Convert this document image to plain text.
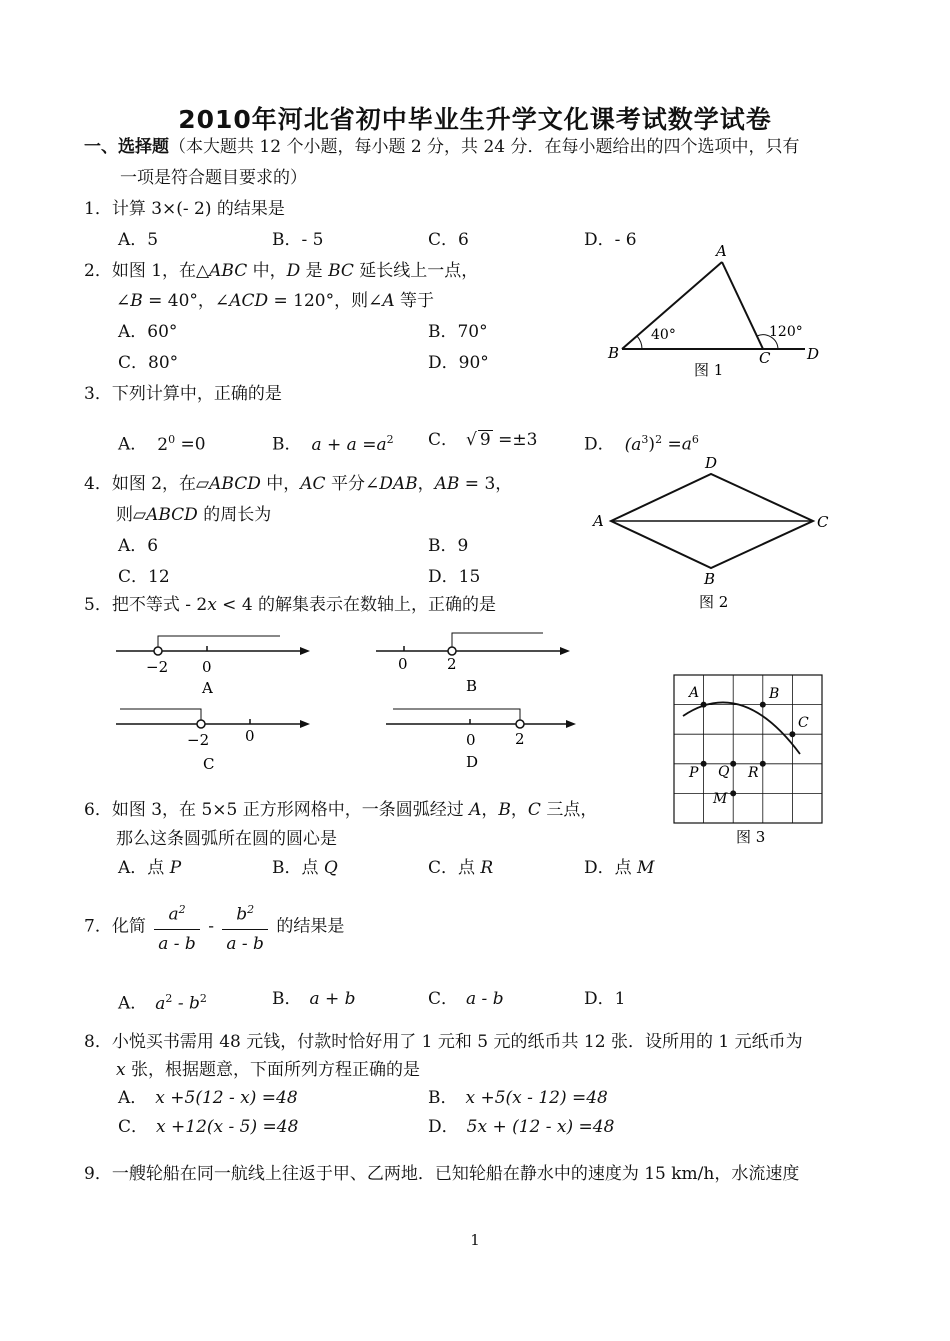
2010年河北省初中毕业生升学文化课考试数学试卷
一、选择题（本大题共 12 个小题，每小题 2 分，共 24 分．在每小题给出的四个选项中，只有
一项是符合题目要求的）
1．计算 3×(- 2) 的结果是
A．5	B．- 5	C．6	D．- 6
2．如图 1，在△ABC 中，D 是 BC 延长线上一点，
∠B = 40°，∠ACD = 120°，则∠A 等于
A．60°	B．70°
C．80°	D．90°
A
B	C D
40°	120°
图 1
3．下列计算中，正确的是
A． $2^0 =0$	B． $a + a =a^2$ C． √ 9 =±3	D． $(a^3)^2 =a^6$
4．如图 2，在▱ABCD 中，AC 平分∠DAB，AB = 3，
则▱ABCD 的周长为
A．6	B．9
C．12	D．15
D
A	C
B
图 2
5．把不等式 - 2x < 4 的解集表示在数轴上，正确的是
−2 0
A
0	2
B
−2 0
C
0	2
D
A	B
C
P Q R
M
图 3
6．如图 3，在 5×5 正方形网格中，一条圆弧经过 A，B，C 三点，
那么这条圆弧所在圆的圆心是
A．点 P	B．点 Q	C．点 R	D．点 M
7．化简 $\frac{a^2}{a - b} - \frac{b^2}{a - b}$ 的结果是
A． $a^2 - b^2$	B． a + b	C． a - b	D．1
8．小悦买书需用 48 元钱，付款时恰好用了 1 元和 5 元的纸币共 12 张．设所用的 1 元纸币为
x 张，根据题意，下面所列方程正确的是
A． x +5(12 - x) =48	B． x +5(x - 12) =48
C． x +12(x - 5) =48	D． 5x + (12 - x) =48
9．一艘轮船在同一航线上往返于甲、乙两地．已知轮船在静水中的速度为 15 km/h，水流速度
1
